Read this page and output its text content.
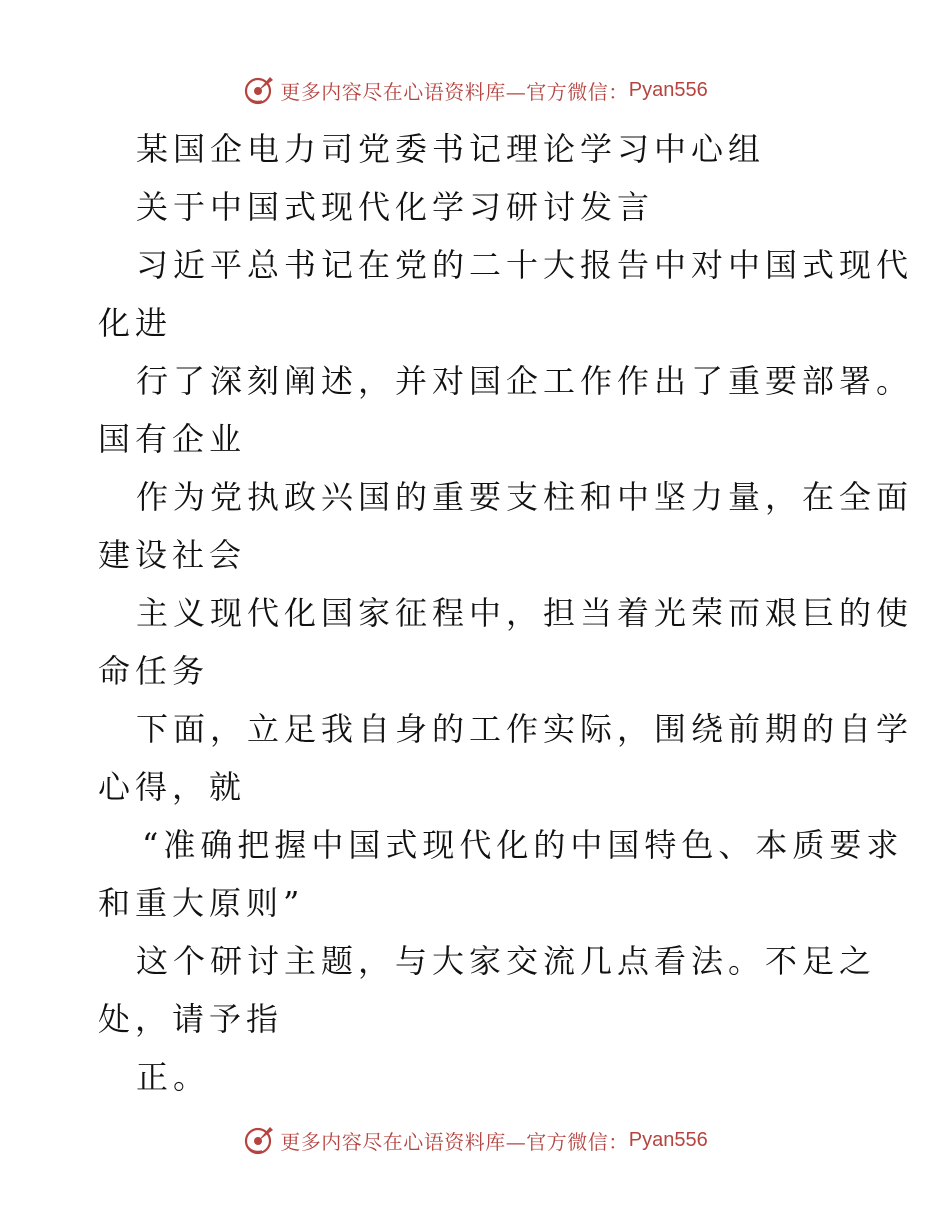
更多内容尽在心语资料库—官方微信： Pyan556
某国企电力司党委书记理论学习中心组
关于中国式现代化学习研讨发言
习近平总书记在党的二十大报告中对中国式现代
化进
行了深刻阐述，并对国企工作作出了重要部署。
国有企业
作为党执政兴国的重要支柱和中坚力量，在全面
建设社会
主义现代化国家征程中，担当着光荣而艰巨的使
命任务
下面，立足我自身的工作实际，围绕前期的自学
心得，就
“准确把握中国式现代化的中国特色、本质要求
和重大原则”
这个研讨主题，与大家交流几点看法。不足之
处，请予指
正。
更多内容尽在心语资料库—官方微信： Pyan556
